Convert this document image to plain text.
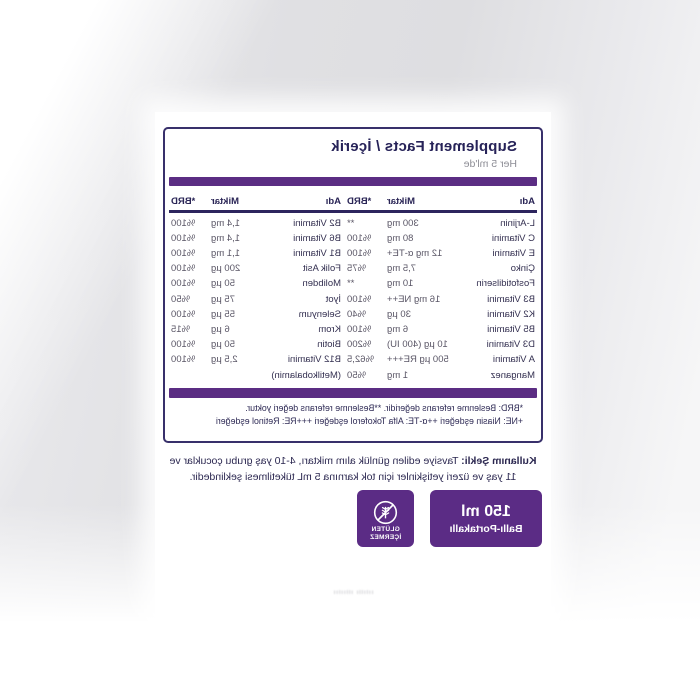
Supplement Facts / İçerik
Her 5 ml'de
Adı
Miktar
*BRD
Adı
Miktar
*BRD
L-Arjinin
300 mg
**
C Vitamini
80 mg
%100
E Vitamini
12 mg α-TE+
%100
Çinko
7,5 mg
%75
Fosfotidilserin
10 mg
**
B3 Vitamini
16 mg NE++
%100
K2 Vitamini
30 µg
%40
B5 Vitamini
6 mg
%100
D3 Vitamini
10 µg (400 IU)
%200
A Vitamini
500 µg RE+++
%62,5
Manganez
1 mg
%50
B2 Vitamini
1,4 mg
%100
B6 Vitamini
1,4 mg
%100
B1 Vitamini
1,1 mg
%100
Folik Asit
200 µg
%100
Molibden
50 µg
%100
İyot
75 µg
%50
Selenyum
55 µg
%100
Krom
6 µg
%15
Biotin
50 µg
%100
B12 Vitamini
2,5 µg
%100
(Metilkobalamin)
*BRD: Beslenme referans değeridir. **Beslenme referans değeri yoktur.
+NE: Niasin eşdeğeri ++α-TE: Alfa Tokoferol eşdeğeri +++RE: Retinol eşdeğeri
Kullanım Şekli: Tavsiye edilen günlük alım miktarı, 4-10 yaş grubu çocuklar ve 11 yaş ve üzeri yetişkinler için tok karnına 5 mL tüketilmesi şeklindedir.
150 ml
Ballı-Portakallı
GLÜTEN
İÇERMEZ
ıılıllı ıllıılıı
